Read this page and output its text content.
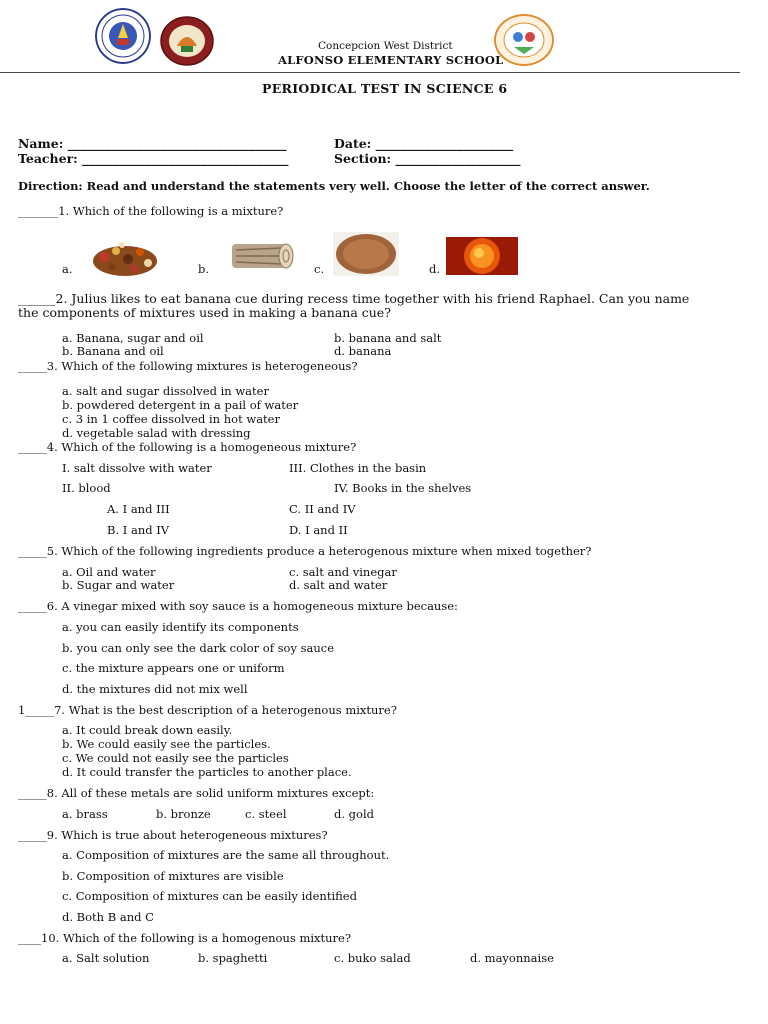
Concepcion West District
ALFONSO ELEMENTARY SCHOOL
PERIODICAL TEST IN SCIENCE 6
Name: ___________________________________	Date: ______________________
Teacher: _________________________________	Section: ____________________
Direction: Read and understand the statements very well. Choose the letter of the correct answer.
_______1. Which of the following is a mixture?
a.	b.	c.	d.
______2. Julius likes to eat banana cue during recess time together with his friend Raphael. Can you name
the components of mixtures used in making a banana cue?
a. Banana, sugar and oil	b. banana and salt
b. Banana and oil	d. banana
_____3. Which of the following mixtures is heterogeneous?
a. salt and sugar dissolved in water
b. powdered detergent in a pail of water
c. 3 in 1 coffee dissolved in hot water
d. vegetable salad with dressing
_____4. Which of the following is a homogeneous mixture?
I. salt dissolve with water	III. Clothes in the basin
II. blood	IV. Books in the shelves
A. I and III	C. II and IV
B. I and IV	D. I and II
_____5. Which of the following ingredients produce a heterogenous mixture when mixed together?
a. Oil and water	c. salt and vinegar
b. Sugar and water	d. salt and water
_____6. A vinegar mixed with soy sauce is a homogeneous mixture because:
a. you can easily identify its components
b. you can only see the dark color of soy sauce
c. the mixture appears one or uniform
d. the mixtures did not mix well
1_____7. What is the best description of a heterogenous mixture?
a. It could break down easily.
b. We could easily see the particles.
c. We could not easily see the particles
d. It could transfer the particles to another place.
_____8. All of these metals are solid uniform mixtures except:
a. brass	b. bronze	c. steel	d. gold
_____9. Which is true about heterogeneous mixtures?
a. Composition of mixtures are the same all throughout.
b. Composition of mixtures are visible
c. Composition of mixtures can be easily identified
d. Both B and C
____10. Which of the following is a homogenous mixture?
a. Salt solution	b. spaghetti	c. buko salad	d. mayonnaise
